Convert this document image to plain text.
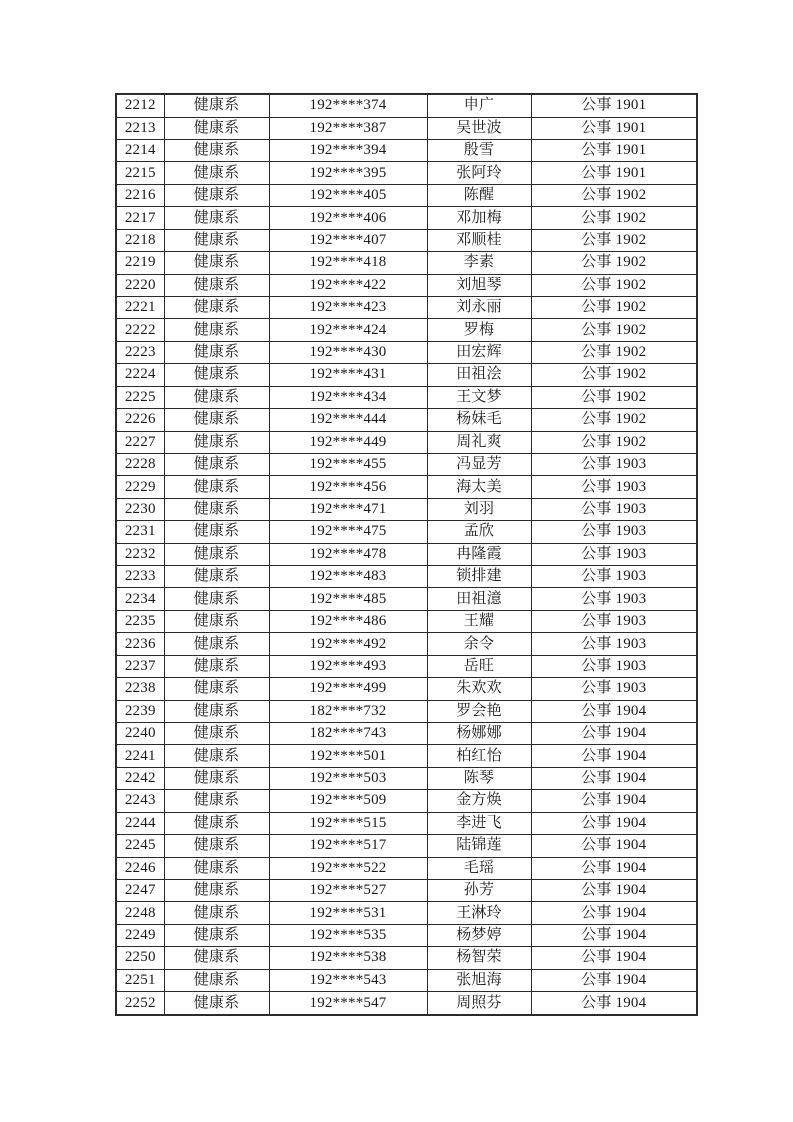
2212	健康系	192****374	申广	公事 1901
2213	健康系	192****387	吴世波	公事 1901
2214	健康系	192****394	殷雪	公事 1901
2215	健康系	192****395	张阿玲	公事 1901
2216	健康系	192****405	陈醒	公事 1902
2217	健康系	192****406	邓加梅	公事 1902
2218	健康系	192****407	邓顺桂	公事 1902
2219	健康系	192****418	李素	公事 1902
2220	健康系	192****422	刘旭琴	公事 1902
2221	健康系	192****423	刘永丽	公事 1902
2222	健康系	192****424	罗梅	公事 1902
2223	健康系	192****430	田宏辉	公事 1902
2224	健康系	192****431	田祖浍	公事 1902
2225	健康系	192****434	王文梦	公事 1902
2226	健康系	192****444	杨妹毛	公事 1902
2227	健康系	192****449	周礼爽	公事 1902
2228	健康系	192****455	冯显芳	公事 1903
2229	健康系	192****456	海太美	公事 1903
2230	健康系	192****471	刘羽	公事 1903
2231	健康系	192****475	孟欣	公事 1903
2232	健康系	192****478	冉隆霞	公事 1903
2233	健康系	192****483	锁排建	公事 1903
2234	健康系	192****485	田祖澺	公事 1903
2235	健康系	192****486	王耀	公事 1903
2236	健康系	192****492	余令	公事 1903
2237	健康系	192****493	岳旺	公事 1903
2238	健康系	192****499	朱欢欢	公事 1903
2239	健康系	182****732	罗会艳	公事 1904
2240	健康系	182****743	杨娜娜	公事 1904
2241	健康系	192****501	柏红怡	公事 1904
2242	健康系	192****503	陈琴	公事 1904
2243	健康系	192****509	金方焕	公事 1904
2244	健康系	192****515	李进飞	公事 1904
2245	健康系	192****517	陆锦莲	公事 1904
2246	健康系	192****522	毛瑶	公事 1904
2247	健康系	192****527	孙芳	公事 1904
2248	健康系	192****531	王淋玲	公事 1904
2249	健康系	192****535	杨梦婷	公事 1904
2250	健康系	192****538	杨智荣	公事 1904
2251	健康系	192****543	张旭海	公事 1904
2252	健康系	192****547	周照芬	公事 1904
